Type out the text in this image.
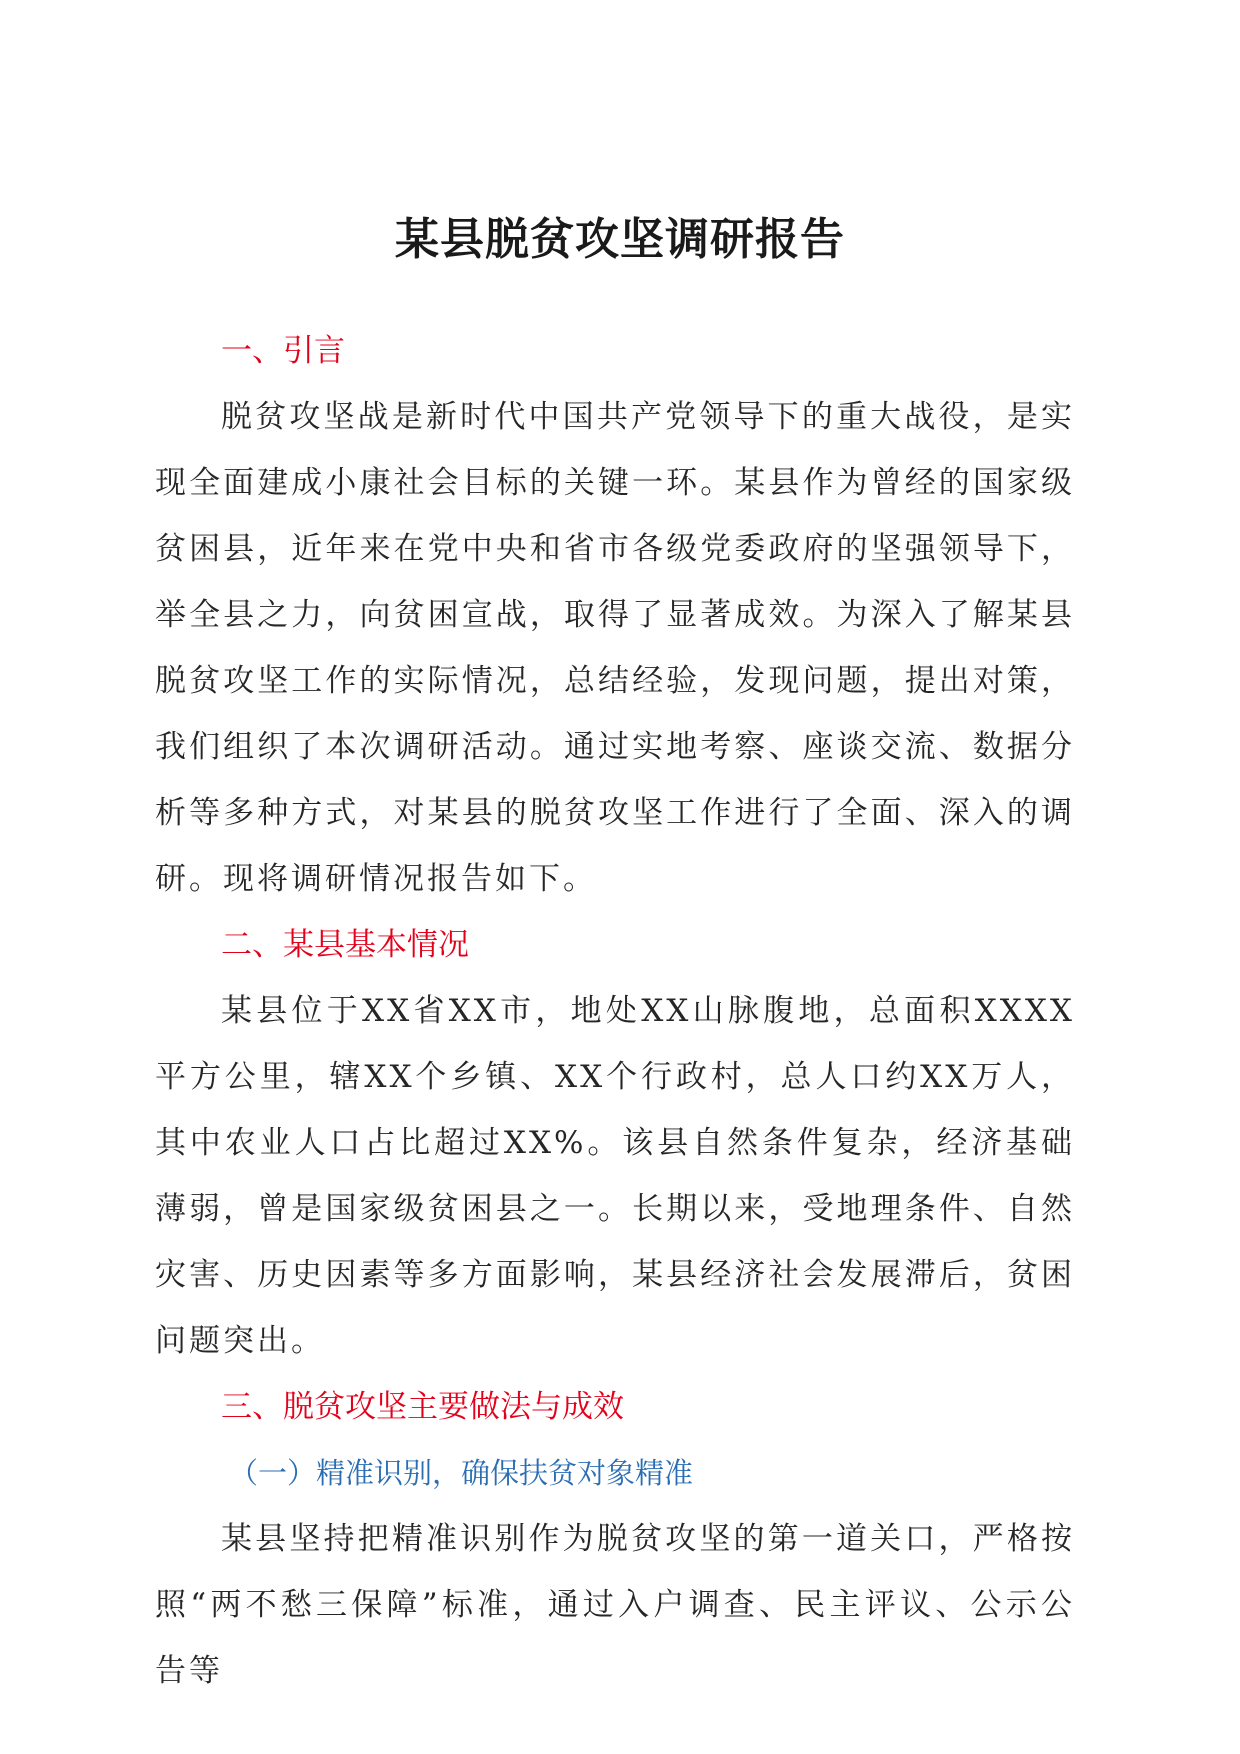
某县脱贫攻坚调研报告
一、引言

脱贫攻坚战是新时代中国共产党领导下的重大战役，是实现全面建成小康社会目标的关键一环。某县作为曾经的国家级贫困县，近年来在党中央和省市各级党委政府的坚强领导下，举全县之力，向贫困宣战，取得了显著成效。为深入了解某县脱贫攻坚工作的实际情况，总结经验，发现问题，提出对策，我们组织了本次调研活动。通过实地考察、座谈交流、数据分析等多种方式，对某县的脱贫攻坚工作进行了全面、深入的调研。现将调研情况报告如下。

二、某县基本情况

某县位于XX省XX市，地处XX山脉腹地，总面积XXXX平方公里，辖XX个乡镇、XX个行政村，总人口约XX万人，其中农业人口占比超过XX%。该县自然条件复杂，经济基础薄弱，曾是国家级贫困县之一。长期以来，受地理条件、自然灾害、历史因素等多方面影响，某县经济社会发展滞后，贫困问题突出。

三、脱贫攻坚主要做法与成效
（一）精准识别，确保扶贫对象精准

某县坚持把精准识别作为脱贫攻坚的第一道关口，严格按照“两不愁三保障”标准，通过入户调查、民主评议、公示公告等
